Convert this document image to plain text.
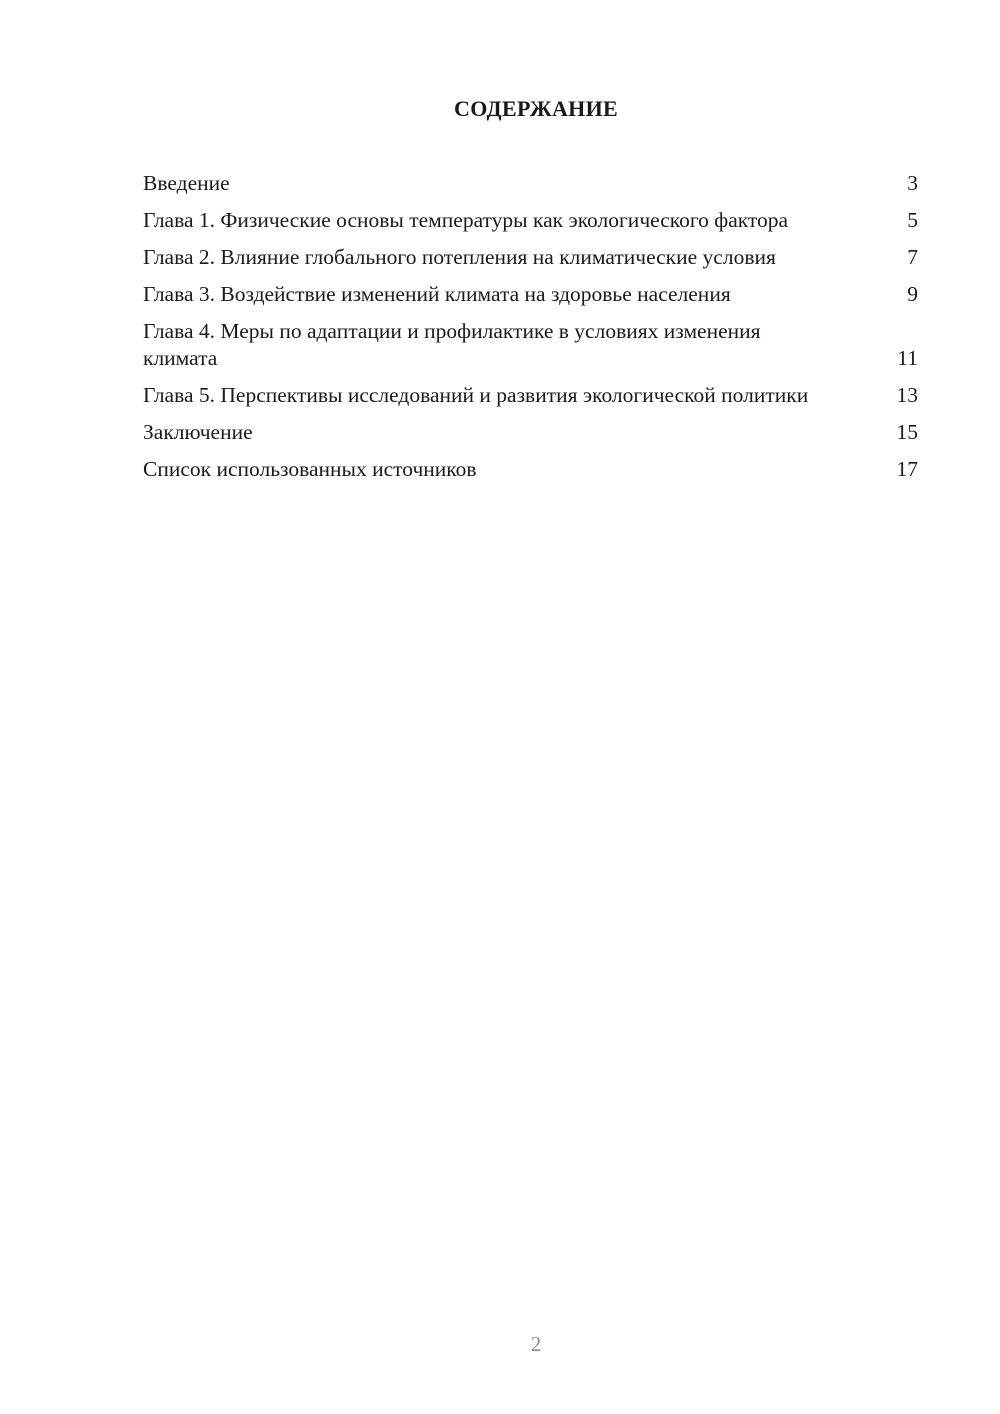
СОДЕРЖАНИЕ
Введение	3
Глава 1. Физические основы температуры как экологического фактора	5
Глава 2. Влияние глобального потепления на климатические условия	7
Глава 3. Воздействие изменений климата на здоровье населения	9
Глава 4. Меры по адаптации и профилактике в условиях изменения климата	11
Глава 5. Перспективы исследований и развития экологической политики	13
Заключение	15
Список использованных источников	17
2
